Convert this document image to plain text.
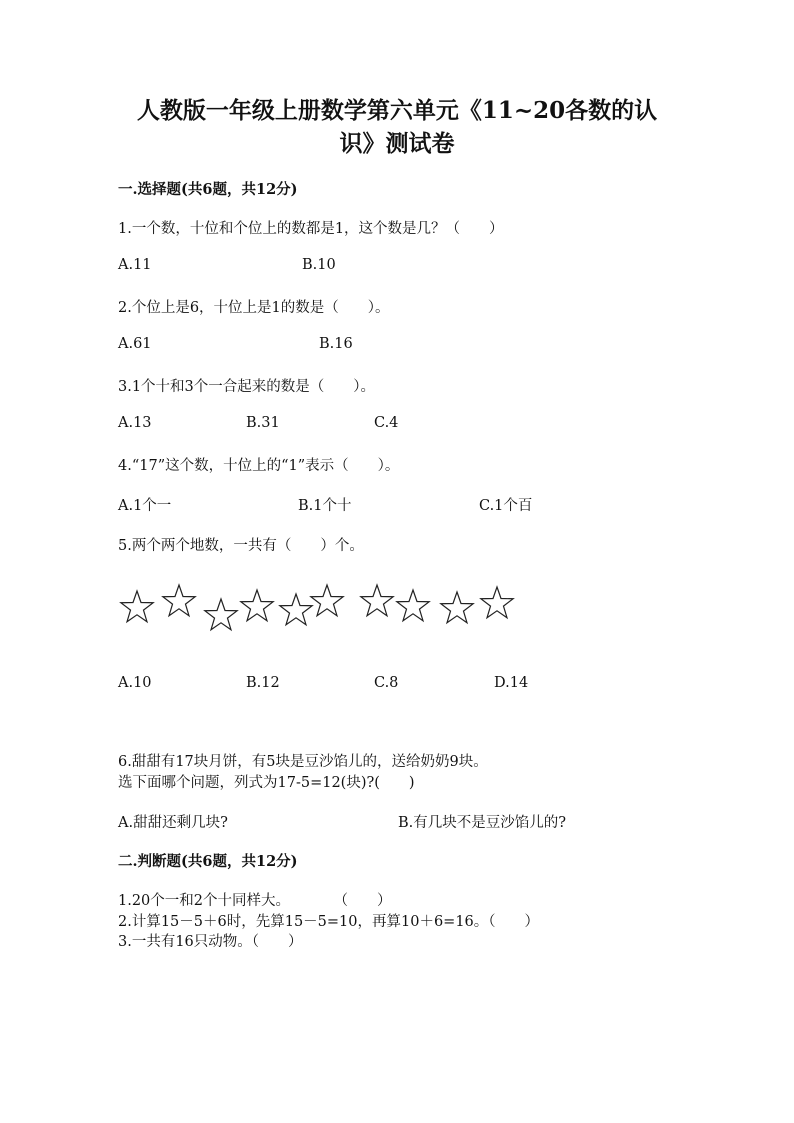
人教版一年级上册数学第六单元《11~20各数的认
识》测试卷
一.选择题(共6题，共12分)
1.一个数，十位和个位上的数都是1，这个数是几？（　　）
A.11	B.10
2.个位上是6，十位上是1的数是（　　）。
A.61	B.16
3.1个十和3个一合起来的数是（　　）。
A.13	B.31	C.4
4.“17”这个数，十位上的“1”表示（　　）。
A.1个一	B.1个十	C.1个百
5.两个两个地数，一共有（　　）个。
A.10	B.12	C.8	D.14
6.甜甜有17块月饼，有5块是豆沙馅儿的，送给奶奶9块。
选下面哪个问题，列式为17-5=12(块)?(　　)
A.甜甜还剩几块?	B.有几块不是豆沙馅儿的?
二.判断题(共6题，共12分)
1.20个一和2个十同样大。　　　　（　　）
2.计算15－5＋6时，先算15－5=10，再算10＋6=16。（　　）
3.一共有16只动物。（　　）
